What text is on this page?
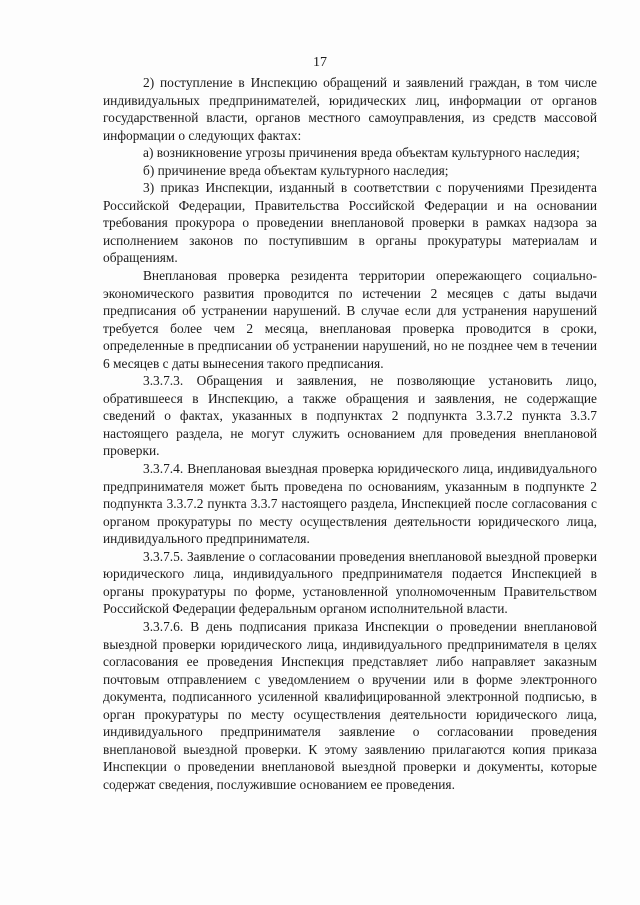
17

2) поступление в Инспекцию обращений и заявлений граждан, в том числе индивидуальных предпринимателей, юридических лиц, информации от органов государственной власти, органов местного самоуправления, из средств массовой информации о следующих фактах:

а) возникновение угрозы причинения вреда объектам культурного наследия;

б) причинение вреда объектам культурного наследия;

3) приказ Инспекции, изданный в соответствии с поручениями Президента Российской Федерации, Правительства Российской Федерации и на основании требования прокурора о проведении внеплановой проверки в рамках надзора за исполнением законов по поступившим в органы прокуратуры материалам и обращениям.

Внеплановая проверка резидента территории опережающего социально-экономического развития проводится по истечении 2 месяцев с даты выдачи предписания об устранении нарушений. В случае если для устранения нарушений требуется более чем 2 месяца, внеплановая проверка проводится в сроки, определенные в предписании об устранении нарушений, но не позднее чем в течении 6 месяцев с даты вынесения такого предписания.

3.3.7.3. Обращения и заявления, не позволяющие установить лицо, обратившееся в Инспекцию, а также обращения и заявления, не содержащие сведений о фактах, указанных в подпунктах 2 подпункта 3.3.7.2 пункта 3.3.7 настоящего раздела, не могут служить основанием для проведения внеплановой проверки.

3.3.7.4. Внеплановая выездная проверка юридического лица, индивидуального предпринимателя может быть проведена по основаниям, указанным в подпункте 2 подпункта 3.3.7.2 пункта 3.3.7 настоящего раздела, Инспекцией после согласования с органом прокуратуры по месту осуществления деятельности юридического лица, индивидуального предпринимателя.

3.3.7.5. Заявление о согласовании проведения внеплановой выездной проверки юридического лица, индивидуального предпринимателя подается Инспекцией в органы прокуратуры по форме, установленной уполномоченным Правительством Российской Федерации федеральным органом исполнительной власти.

3.3.7.6. В день подписания приказа Инспекции о проведении внеплановой выездной проверки юридического лица, индивидуального предпринимателя в целях согласования ее проведения Инспекция представляет либо направляет заказным почтовым отправлением с уведомлением о вручении или в форме электронного документа, подписанного усиленной квалифицированной электронной подписью, в орган прокуратуры по месту осуществления деятельности юридического лица, индивидуального предпринимателя заявление о согласовании проведения внеплановой выездной проверки. К этому заявлению прилагаются копия приказа Инспекции о проведении внеплановой выездной проверки и документы, которые содержат сведения, послужившие основанием ее проведения.
